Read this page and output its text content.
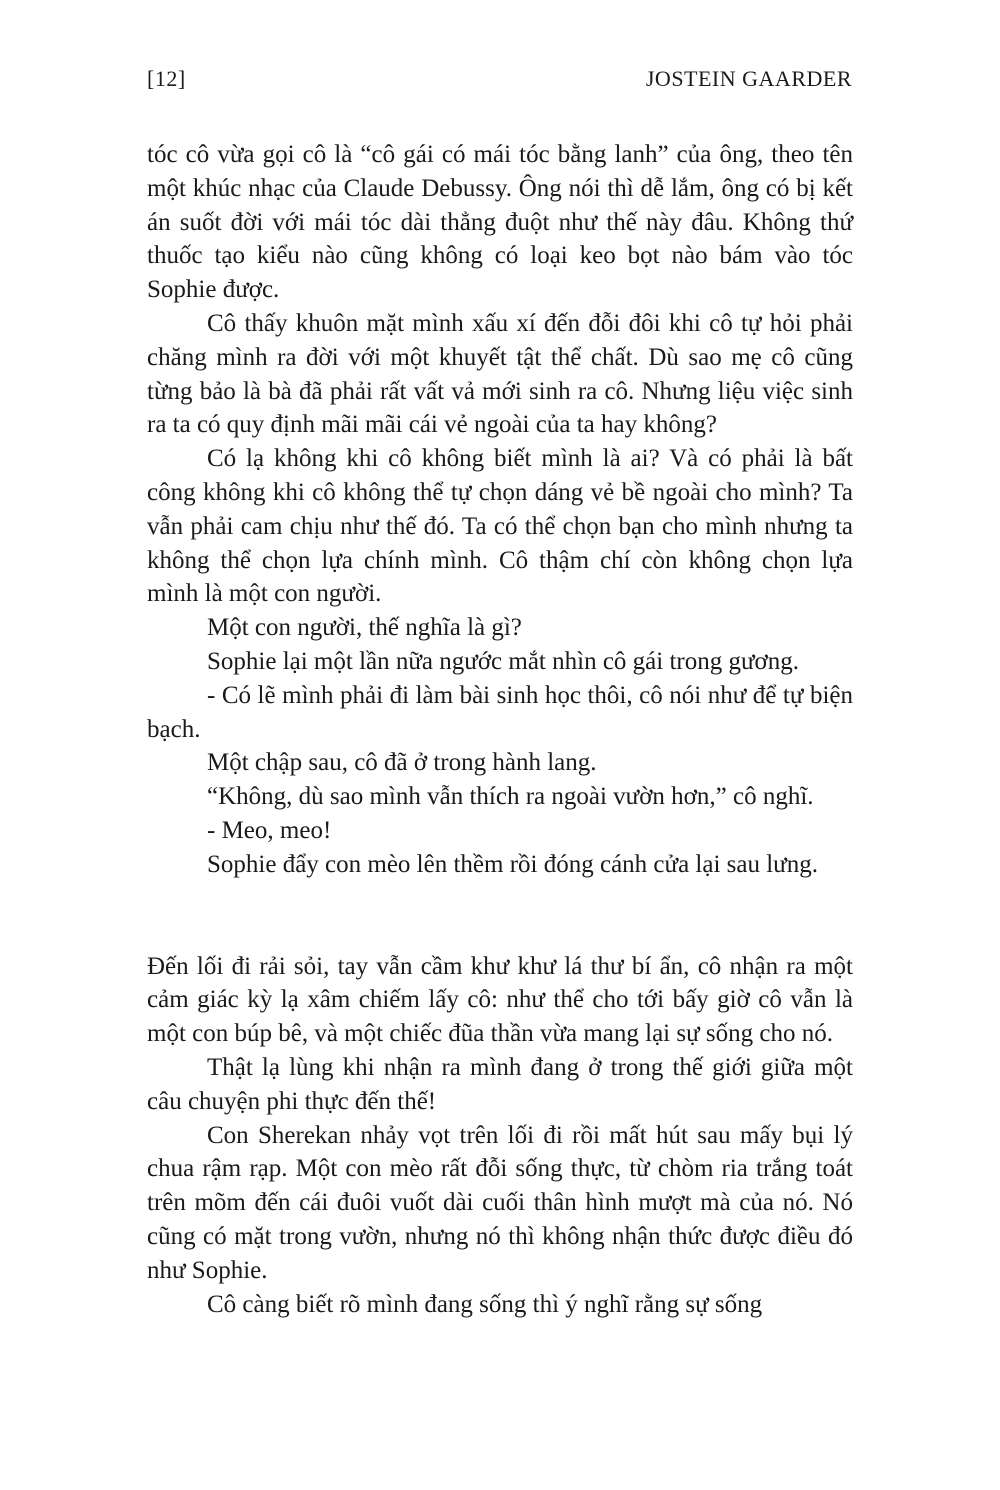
[12]	JOSTEIN GAARDER

tóc cô vừa gọi cô là “cô gái có mái tóc bằng lanh” của ông, theo tên một khúc nhạc của Claude Debussy. Ông nói thì dễ lắm, ông có bị kết án suốt đời với mái tóc dài thẳng đuột như thế này đâu. Không thứ thuốc tạo kiểu nào cũng không có loại keo bọt nào bám vào tóc Sophie được.

Cô thấy khuôn mặt mình xấu xí đến đỗi đôi khi cô tự hỏi phải chăng mình ra đời với một khuyết tật thể chất. Dù sao mẹ cô cũng từng bảo là bà đã phải rất vất vả mới sinh ra cô. Nhưng liệu việc sinh ra ta có quy định mãi mãi cái vẻ ngoài của ta hay không?

Có lạ không khi cô không biết mình là ai? Và có phải là bất công không khi cô không thể tự chọn dáng vẻ bề ngoài cho mình? Ta vẫn phải cam chịu như thế đó. Ta có thể chọn bạn cho mình nhưng ta không thể chọn lựa chính mình. Cô thậm chí còn không chọn lựa mình là một con người.

Một con người, thế nghĩa là gì?

Sophie lại một lần nữa ngước mắt nhìn cô gái trong gương.

- Có lẽ mình phải đi làm bài sinh học thôi, cô nói như để tự biện bạch.

Một chập sau, cô đã ở trong hành lang.

“Không, dù sao mình vẫn thích ra ngoài vườn hơn,” cô nghĩ.

- Meo, meo!

Sophie đẩy con mèo lên thềm rồi đóng cánh cửa lại sau lưng.

Đến lối đi rải sỏi, tay vẫn cầm khư khư lá thư bí ẩn, cô nhận ra một cảm giác kỳ lạ xâm chiếm lấy cô: như thể cho tới bấy giờ cô vẫn là một con búp bê, và một chiếc đũa thần vừa mang lại sự sống cho nó.

Thật lạ lùng khi nhận ra mình đang ở trong thế giới giữa một câu chuyện phi thực đến thế!

Con Sherekan nhảy vọt trên lối đi rồi mất hút sau mấy bụi lý chua rậm rạp. Một con mèo rất đỗi sống thực, từ chòm ria trắng toát trên mõm đến cái đuôi vuốt dài cuối thân hình mượt mà của nó. Nó cũng có mặt trong vườn, nhưng nó thì không nhận thức được điều đó như Sophie.

Cô càng biết rõ mình đang sống thì ý nghĩ rằng sự sống
